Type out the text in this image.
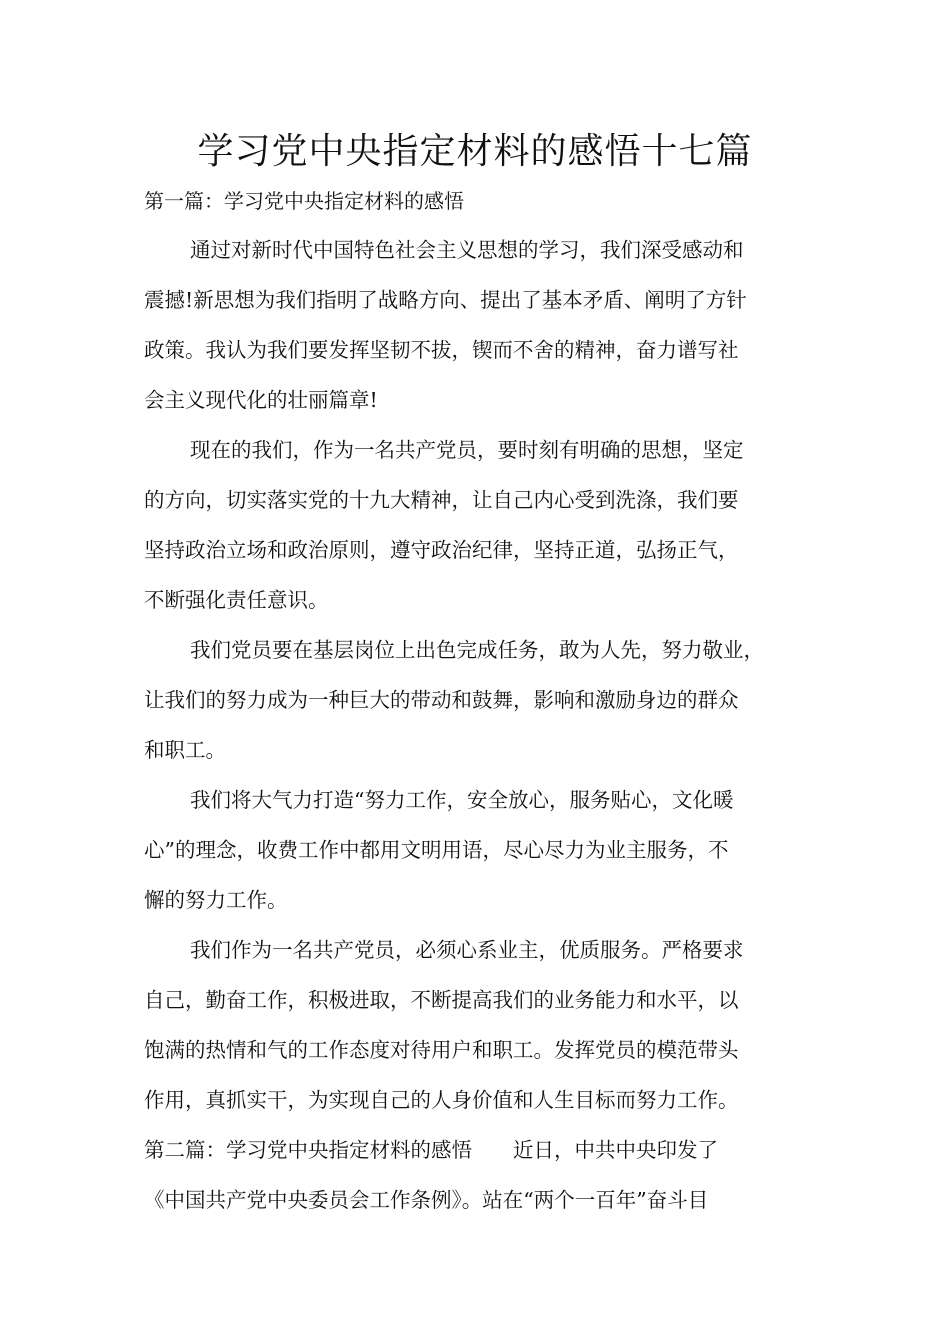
学习党中央指定材料的感悟十七篇
第一篇：学习党中央指定材料的感悟
通过对新时代中国特色社会主义思想的学习，我们深受感动和
震撼!新思想为我们指明了战略方向、提出了基本矛盾、阐明了方针
政策。我认为我们要发挥坚韧不拔，锲而不舍的精神，奋力谱写社
会主义现代化的壮丽篇章!
现在的我们，作为一名共产党员，要时刻有明确的思想，坚定
的方向，切实落实党的十九大精神，让自己内心受到洗涤，我们要
坚持政治立场和政治原则，遵守政治纪律，坚持正道，弘扬正气，
不断强化责任意识。
我们党员要在基层岗位上出色完成任务，敢为人先，努力敬业，
让我们的努力成为一种巨大的带动和鼓舞，影响和激励身边的群众
和职工。
我们将大气力打造“努力工作，安全放心，服务贴心，文化暖
心”的理念，收费工作中都用文明用语，尽心尽力为业主服务，不
懈的努力工作。
我们作为一名共产党员，必须心系业主，优质服务。严格要求
自己，勤奋工作，积极进取，不断提高我们的业务能力和水平，以
饱满的热情和气的工作态度对待用户和职工。发挥党员的模范带头
作用，真抓实干，为实现自己的人身价值和人生目标而努力工作。
第二篇：学习党中央指定材料的感悟　　近日，中共中央印发了
《中国共产党中央委员会工作条例》。站在“两个一百年”奋斗目
